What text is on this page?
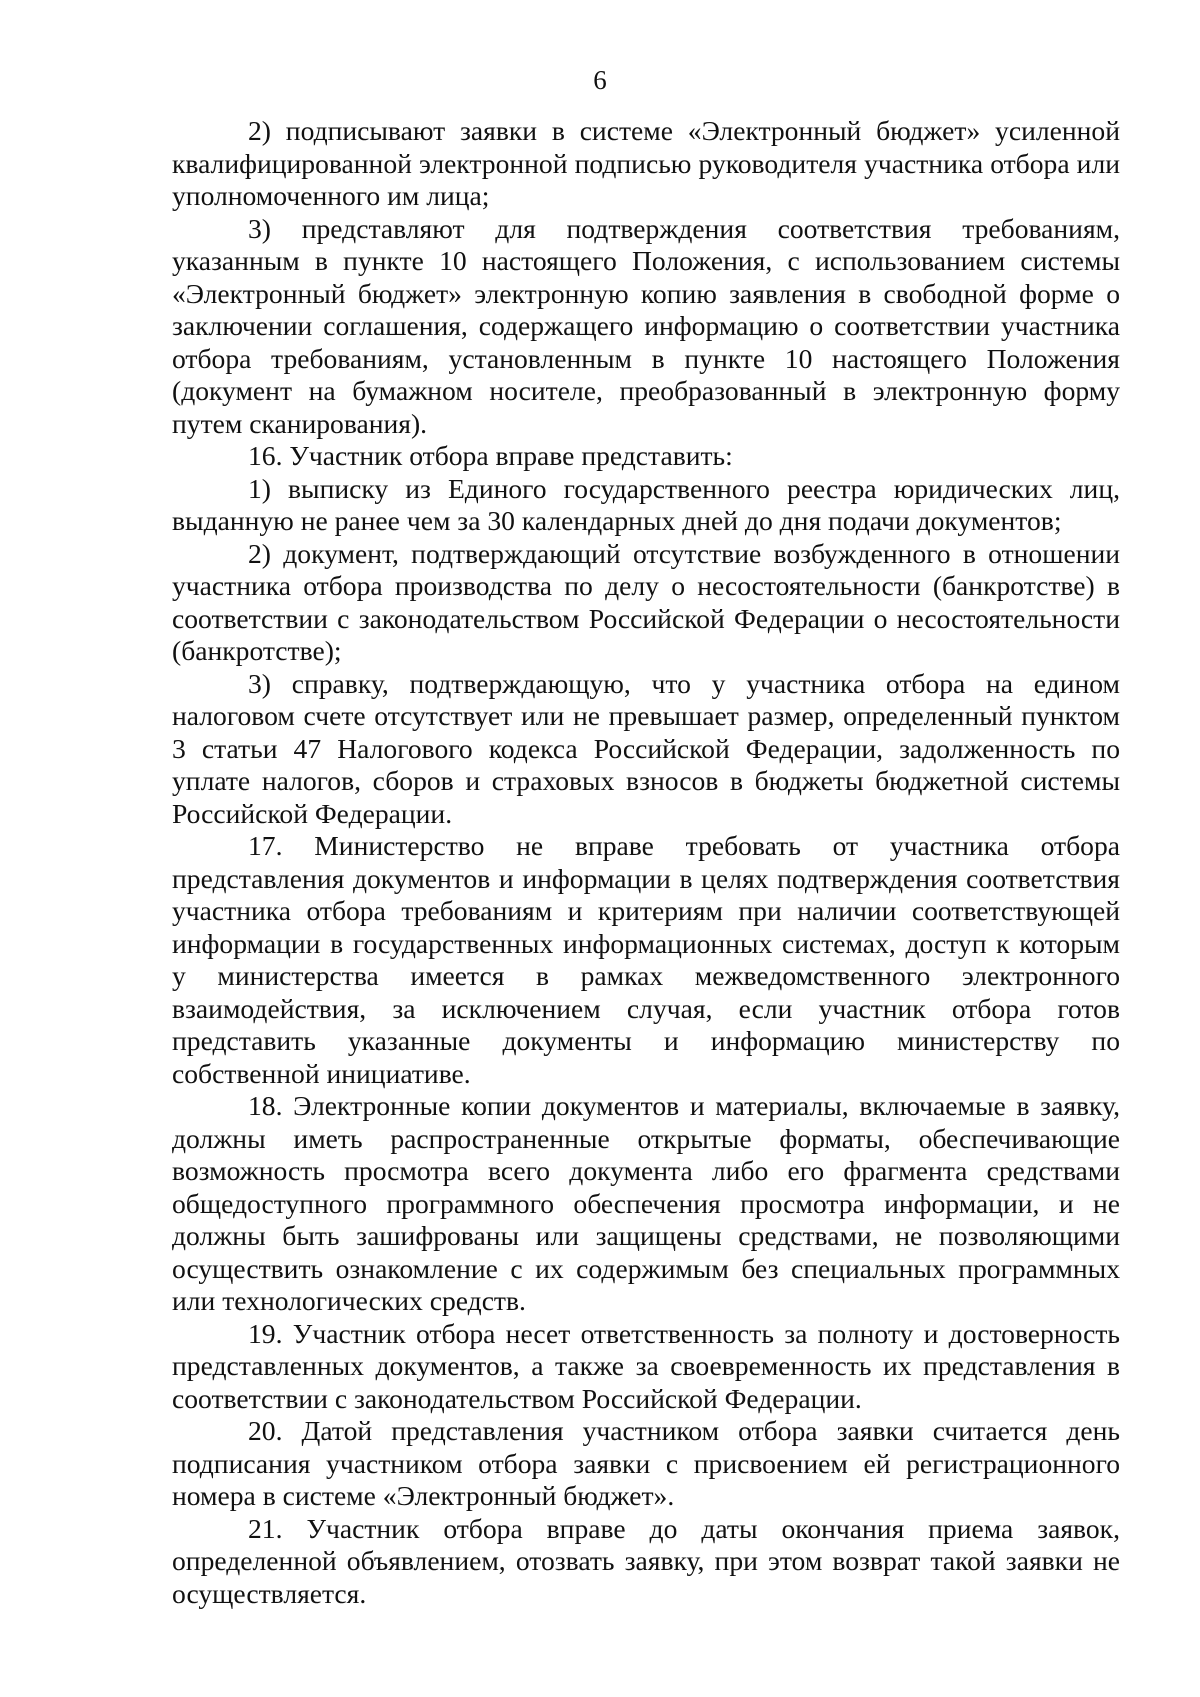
6

2) подписывают заявки в системе «Электронный бюджет» усиленной квалифицированной электронной подписью руководителя участника отбора или уполномоченного им лица;

3) представляют для подтверждения соответствия требованиям, указанным в пункте 10 настоящего Положения, с использованием системы «Электронный бюджет» электронную копию заявления в свободной форме о заключении соглашения, содержащего информацию о соответствии участника отбора требованиям, установленным в пункте 10 настоящего Положения (документ на бумажном носителе, преобразованный в электронную форму путем сканирования).

16. Участник отбора вправе представить:

1) выписку из Единого государственного реестра юридических лиц, выданную не ранее чем за 30 календарных дней до дня подачи документов;

2) документ, подтверждающий отсутствие возбужденного в отношении участника отбора производства по делу о несостоятельности (банкротстве) в соответствии с законодательством Российской Федерации о несостоятельности (банкротстве);

3) справку, подтверждающую, что у участника отбора на едином налоговом счете отсутствует или не превышает размер, определенный пунктом 3 статьи 47 Налогового кодекса Российской Федерации, задолженность по уплате налогов, сборов и страховых взносов в бюджеты бюджетной системы Российской Федерации.

17. Министерство не вправе требовать от участника отбора представления документов и информации в целях подтверждения соответствия участника отбора требованиям и критериям при наличии соответствующей информации в государственных информационных системах, доступ к которым у министерства имеется в рамках межведомственного электронного взаимодействия, за исключением случая, если участник отбора готов представить указанные документы и информацию министерству по собственной инициативе.

18. Электронные копии документов и материалы, включаемые в заявку, должны иметь распространенные открытые форматы, обеспечивающие возможность просмотра всего документа либо его фрагмента средствами общедоступного программного обеспечения просмотра информации, и не должны быть зашифрованы или защищены средствами, не позволяющими осуществить ознакомление с их содержимым без специальных программных или технологических средств.

19. Участник отбора несет ответственность за полноту и достоверность представленных документов, а также за своевременность их представления в соответствии с законодательством Российской Федерации.

20. Датой представления участником отбора заявки считается день подписания участником отбора заявки с присвоением ей регистрационного номера в системе «Электронный бюджет».

21. Участник отбора вправе до даты окончания приема заявок, определенной объявлением, отозвать заявку, при этом возврат такой заявки не осуществляется.
